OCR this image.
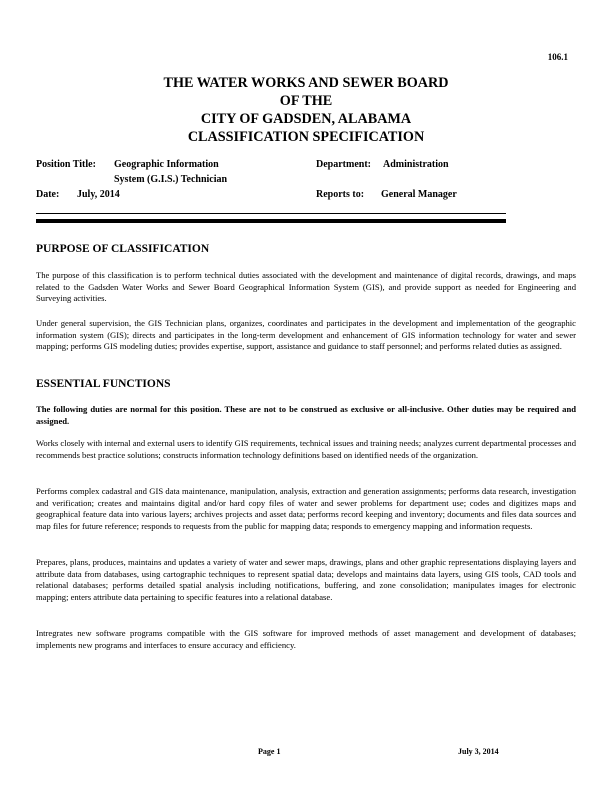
106.1
THE WATER WORKS AND SEWER BOARD
OF THE
CITY OF GADSDEN, ALABAMA
CLASSIFICATION SPECIFICATION
Position Title: Geographic Information
System (G.I.S.) Technician
Department: Administration
Date: July, 2014	Reports to: General Manager
PURPOSE OF CLASSIFICATION

The purpose of this classification is to perform technical duties associated with the development and maintenance of digital records, drawings, and maps related to the Gadsden Water Works and Sewer Board Geographical Information System (GIS), and provide support as needed for Engineering and Surveying activities.

Under general supervision, the GIS Technician plans, organizes, coordinates and participates in the development and implementation of the geographic information system (GIS); directs and participates in the long-term development and enhancement of GIS information technology for water and sewer mapping; performs GIS modeling duties; provides expertise, support, assistance and guidance to staff personnel; and performs related duties as assigned.

ESSENTIAL FUNCTIONS

The following duties are normal for this position. These are not to be construed as exclusive or all-inclusive. Other duties may be required and assigned.

Works closely with internal and external users to identify GIS requirements, technical issues and training needs; analyzes current departmental processes and recommends best practice solutions; constructs information technology definitions based on identified needs of the organization.

Performs complex cadastral and GIS data maintenance, manipulation, analysis, extraction and generation assignments; performs data research, investigation and verification; creates and maintains digital and/or hard copy files of water and sewer problems for department use; codes and digitizes maps and geographical feature data into various layers; archives projects and asset data; performs record keeping and inventory; documents and files data sources and map files for future reference; responds to requests from the public for mapping data; responds to emergency mapping and information requests.

Prepares, plans, produces, maintains and updates a variety of water and sewer maps, drawings, plans and other graphic representations displaying layers and attribute data from databases, using cartographic techniques to represent spatial data; develops and maintains data layers, using GIS tools, CAD tools and relational databases; performs detailed spatial analysis including notifications, buffering, and zone consolidation; manipulates images for electronic mapping; enters attribute data pertaining to specific features into a relational database.

Intregrates new software programs compatible with the GIS software for improved methods of asset management and development of databases; implements new programs and interfaces to ensure accuracy and efficiency.

Page 1	July 3, 2014
